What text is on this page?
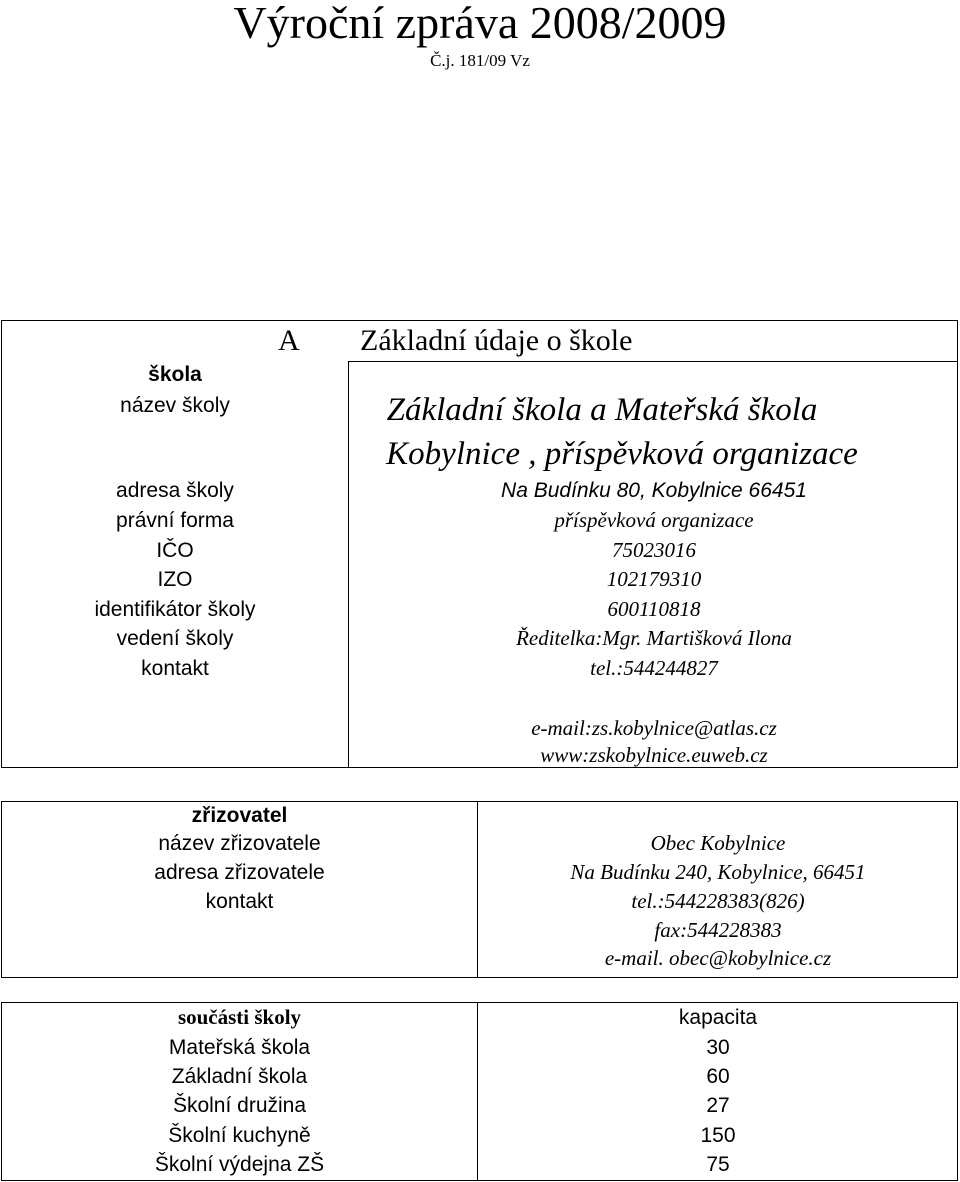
Výroční zpráva 2008/2009
Č.j. 181/09 Vz
A Základní údaje o škole
škola
název školy	Základní škola a Mateřská škola
Kobylnice , příspěvková organizace
adresa školy	Na Budínku 80, Kobylnice 66451
právní forma	příspěvková organizace
IČO	75023016
IZO	102179310
identifikátor školy	600110818
vedení školy	Ředitelka:Mgr. Martišková Ilona
kontakt	tel.:544244827
e-mail:zs.kobylnice@atlas.cz
www:zskobylnice.euweb.cz
zřizovatel
název zřizovatele	Obec Kobylnice
adresa zřizovatele	Na Budínku 240, Kobylnice, 66451
kontakt	tel.:544228383(826)
fax:544228383
e-mail. obec@kobylnice.cz
součásti školy	kapacita
Mateřská škola	30
Základní škola	60
Školní družina	27
Školní kuchyně	150
Školní výdejna ZŠ	75
